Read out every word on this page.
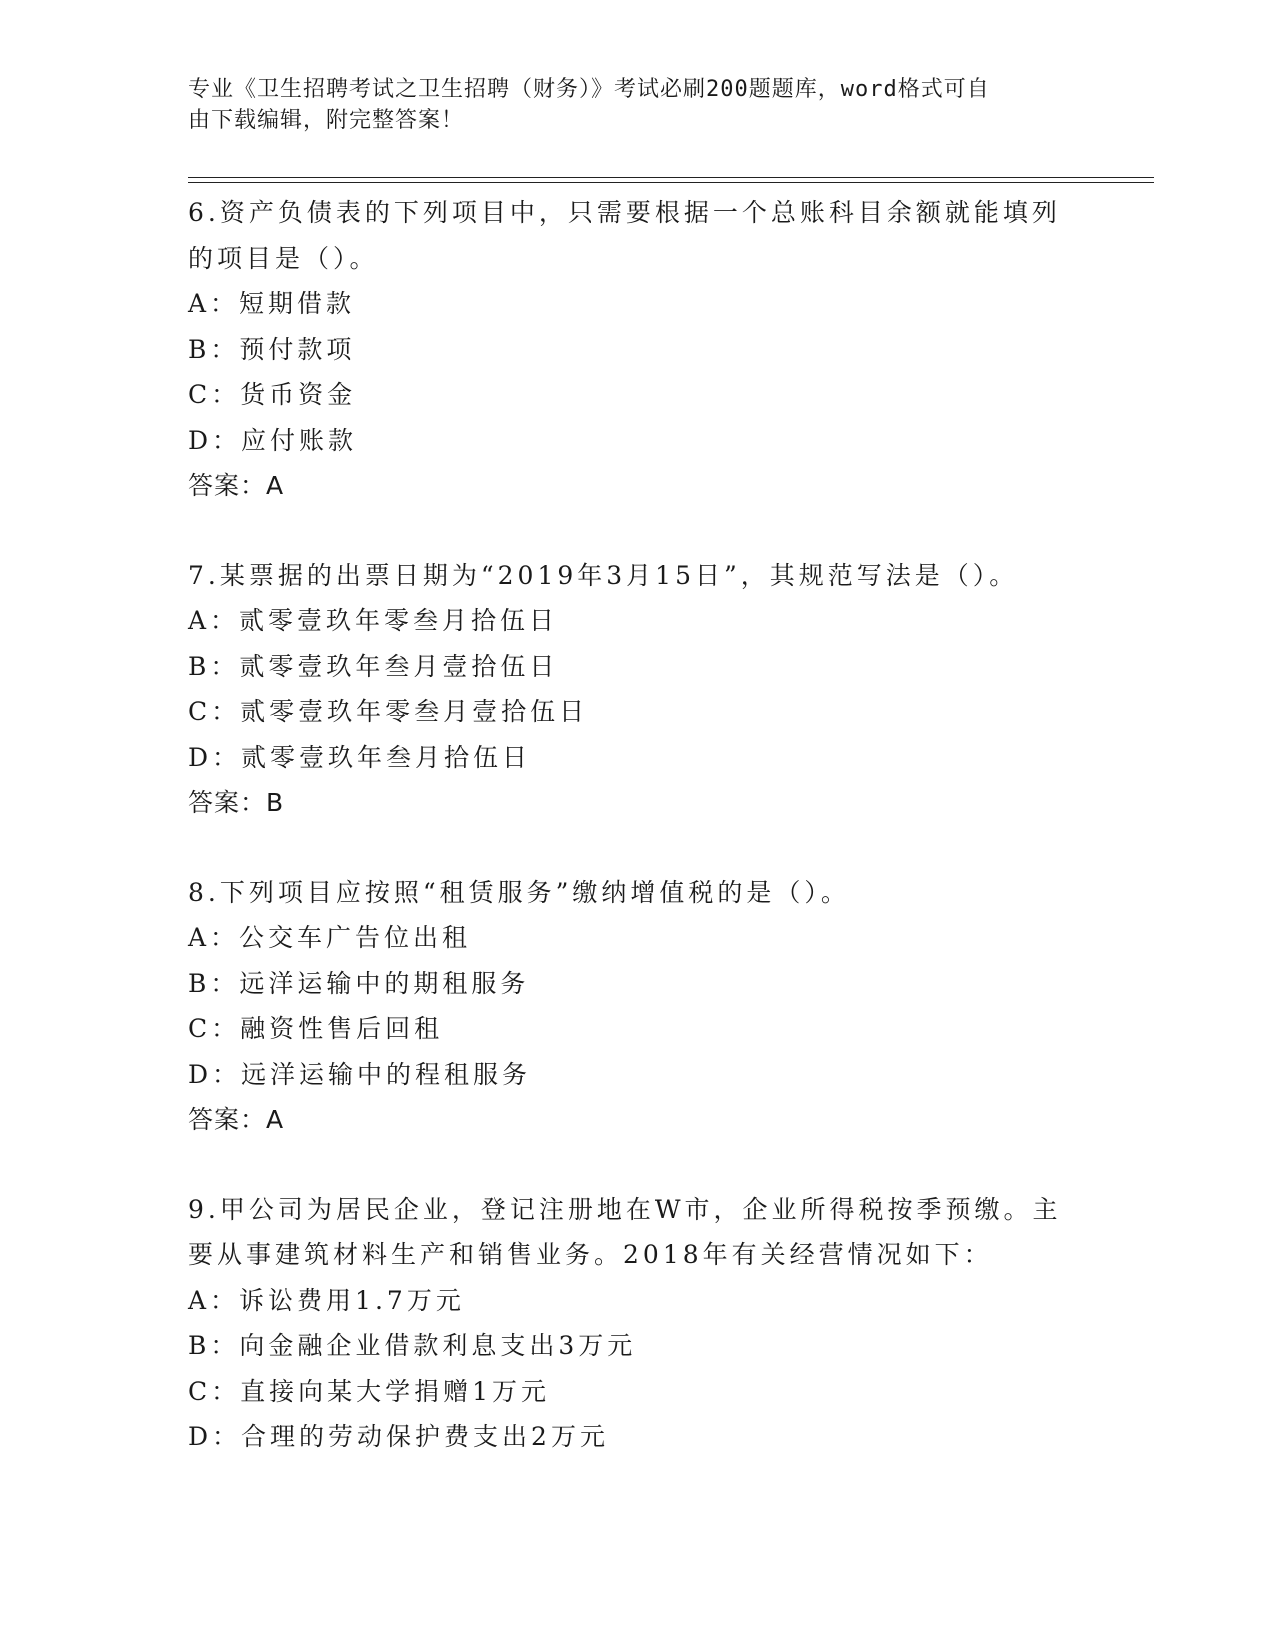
专业《卫生招聘考试之卫生招聘（财务）》考试必刷200题题库，word格式可自
由下载编辑，附完整答案！
6.资产负债表的下列项目中，只需要根据一个总账科目余额就能填列
的项目是（）。
A：短期借款
B：预付款项
C：货币资金
D：应付账款
答案：A
7.某票据的出票日期为“2019年3月15日”，其规范写法是（）。
A：贰零壹玖年零叁月拾伍日
B：贰零壹玖年叁月壹拾伍日
C：贰零壹玖年零叁月壹拾伍日
D：贰零壹玖年叁月拾伍日
答案：B
8.下列项目应按照“租赁服务”缴纳增值税的是（）。
A：公交车广告位出租
B：远洋运输中的期租服务
C：融资性售后回租
D：远洋运输中的程租服务
答案：A
9.甲公司为居民企业，登记注册地在W市，企业所得税按季预缴。主
要从事建筑材料生产和销售业务。2018年有关经营情况如下：
A：诉讼费用1.7万元
B：向金融企业借款利息支出3万元
C：直接向某大学捐赠1万元
D：合理的劳动保护费支出2万元
